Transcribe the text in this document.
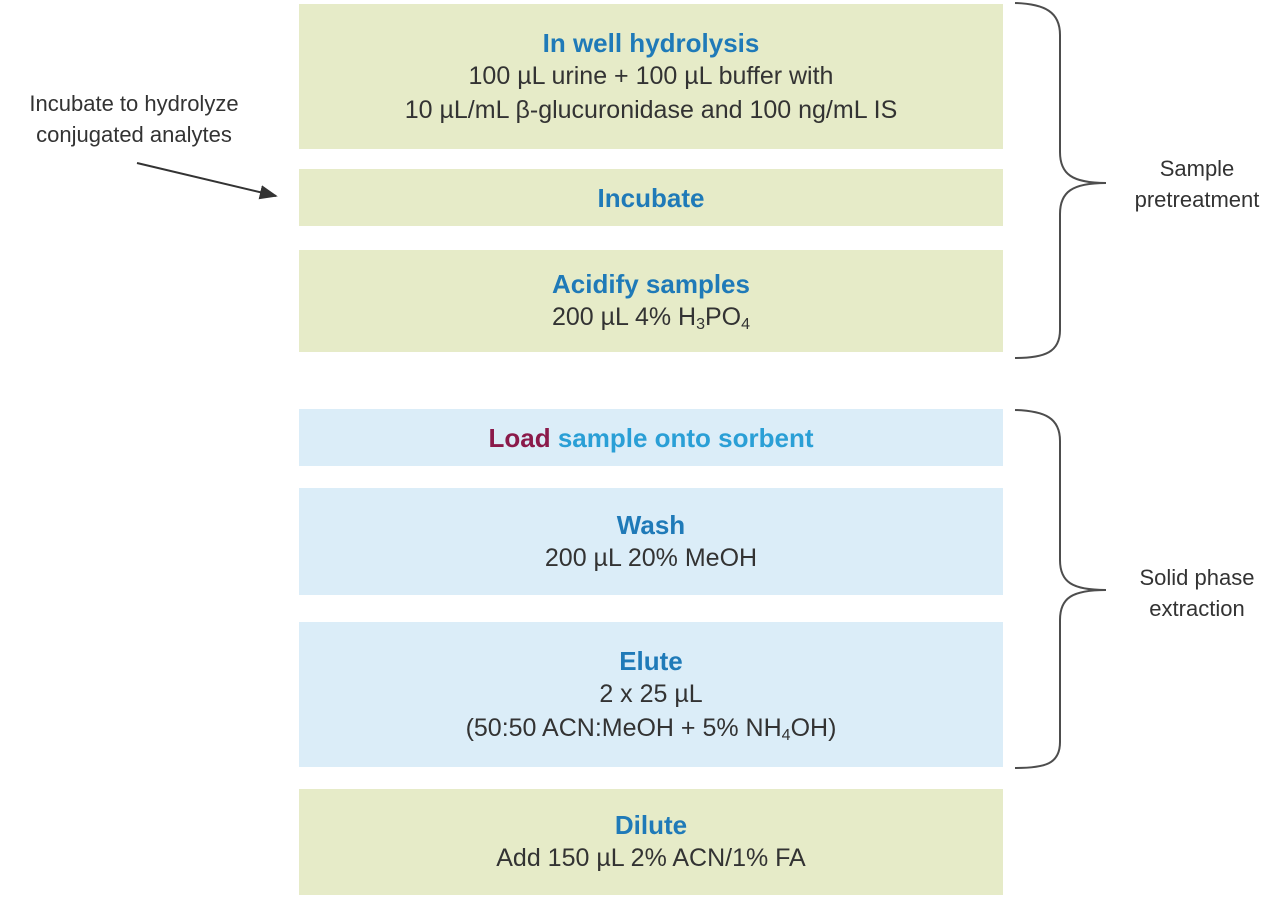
In well hydrolysis
100 µL urine + 100 µL buffer with
10 µL/mL β-glucuronidase and 100 ng/mL IS
Incubate
Acidify samples
200 µL 4% $H_3PO_4$
Load sample onto sorbent
Wash
200 µL 20% MeOH
Elute
2 x 25 µL
(50:50 ACN:MeOH + 5% $NH_4OH$)
Dilute
Add 150 µL 2% ACN/1% FA
Incubate to hydrolyze
conjugated analytes
Sample
pretreatment
Solid phase
extraction
